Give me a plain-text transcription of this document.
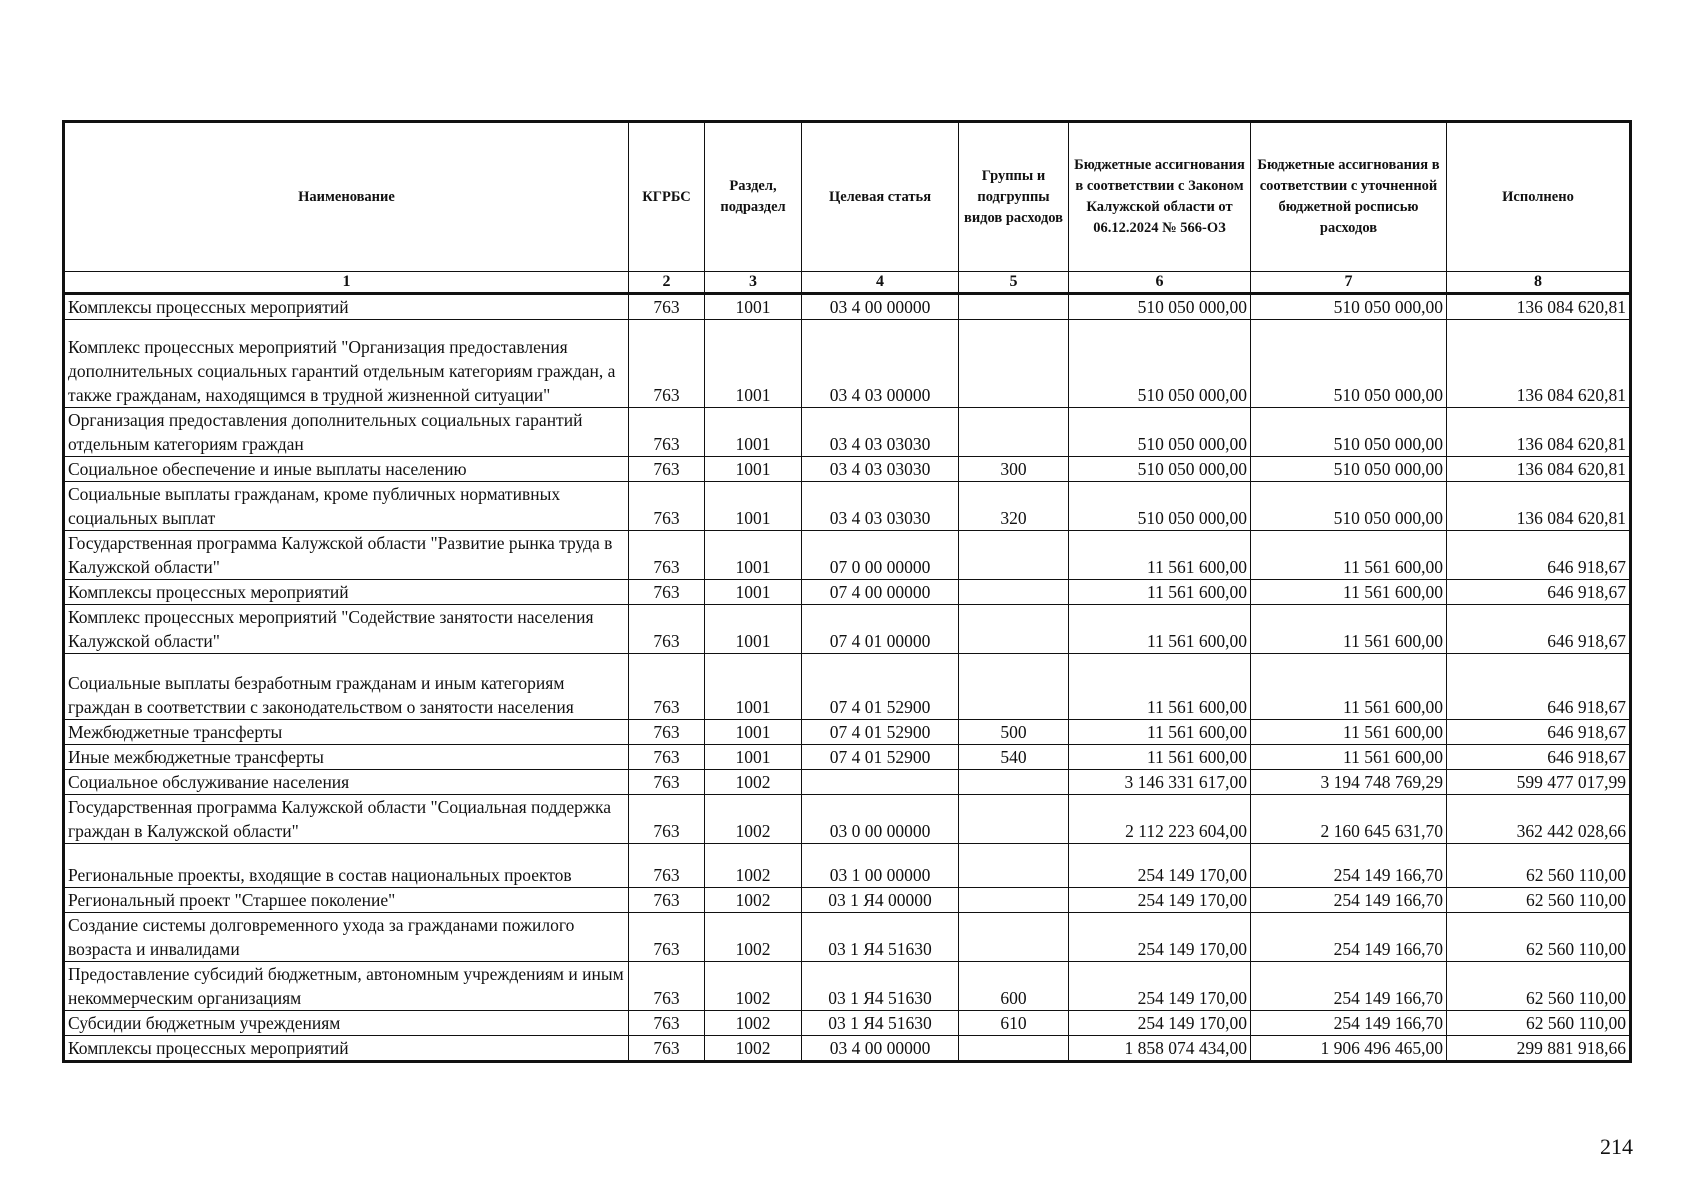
Наименование	КГРБС	Раздел, подраздел	Целевая статья	Группы и подгруппы видов расходов	Бюджетные ассигнования в соответствии с Законом Калужской области от 06.12.2024 № 566-ОЗ	Бюджетные ассигнования в соответствии с уточненной бюджетной росписью расходов	Исполнено
1	2	3	4	5	6	7	8
Комплексы процессных мероприятий	763	1001	03 4 00 00000		510 050 000,00	510 050 000,00	136 084 620,81
Комплекс процессных мероприятий "Организация предоставления дополнительных социальных гарантий отдельным категориям граждан, а также гражданам, находящимся в трудной жизненной ситуации"	763	1001	03 4 03 00000		510 050 000,00	510 050 000,00	136 084 620,81
Организация предоставления дополнительных социальных гарантий отдельным категориям граждан	763	1001	03 4 03 03030		510 050 000,00	510 050 000,00	136 084 620,81
Социальное обеспечение и иные выплаты населению	763	1001	03 4 03 03030	300	510 050 000,00	510 050 000,00	136 084 620,81
Социальные выплаты гражданам, кроме публичных нормативных социальных выплат	763	1001	03 4 03 03030	320	510 050 000,00	510 050 000,00	136 084 620,81
Государственная программа Калужской области "Развитие рынка труда в Калужской области"	763	1001	07 0 00 00000		11 561 600,00	11 561 600,00	646 918,67
Комплексы процессных мероприятий	763	1001	07 4 00 00000		11 561 600,00	11 561 600,00	646 918,67
Комплекс процессных мероприятий "Содействие занятости населения Калужской области"	763	1001	07 4 01 00000		11 561 600,00	11 561 600,00	646 918,67
Социальные выплаты безработным гражданам и иным категориям граждан в соответствии с законодательством о занятости населения	763	1001	07 4 01 52900		11 561 600,00	11 561 600,00	646 918,67
Межбюджетные трансферты	763	1001	07 4 01 52900	500	11 561 600,00	11 561 600,00	646 918,67
Иные межбюджетные трансферты	763	1001	07 4 01 52900	540	11 561 600,00	11 561 600,00	646 918,67
Социальное обслуживание населения	763	1002			3 146 331 617,00	3 194 748 769,29	599 477 017,99
Государственная программа Калужской области "Социальная поддержка граждан в Калужской области"	763	1002	03 0 00 00000		2 112 223 604,00	2 160 645 631,70	362 442 028,66
Региональные проекты, входящие в состав национальных проектов	763	1002	03 1 00 00000		254 149 170,00	254 149 166,70	62 560 110,00
Региональный проект "Старшее поколение"	763	1002	03 1 Я4 00000		254 149 170,00	254 149 166,70	62 560 110,00
Создание системы долговременного ухода за гражданами пожилого возраста и инвалидами	763	1002	03 1 Я4 51630		254 149 170,00	254 149 166,70	62 560 110,00
Предоставление субсидий бюджетным, автономным учреждениям и иным некоммерческим организациям	763	1002	03 1 Я4 51630	600	254 149 170,00	254 149 166,70	62 560 110,00
Субсидии бюджетным учреждениям	763	1002	03 1 Я4 51630	610	254 149 170,00	254 149 166,70	62 560 110,00
Комплексы процессных мероприятий	763	1002	03 4 00 00000		1 858 074 434,00	1 906 496 465,00	299 881 918,66
214
